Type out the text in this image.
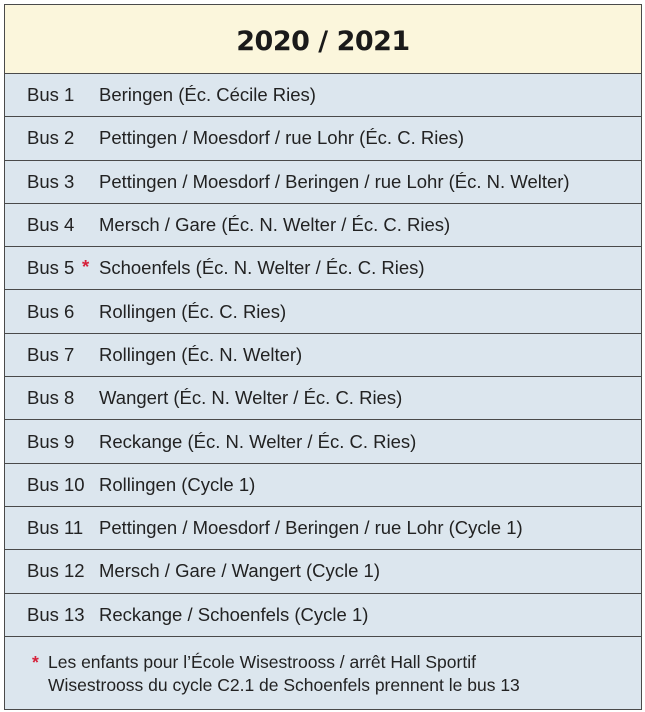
2020 / 2021
Bus 1	Beringen (Éc. Cécile Ries)
Bus 2	Pettingen / Moesdorf / rue Lohr (Éc. C. Ries)
Bus 3	Pettingen / Moesdorf / Beringen / rue Lohr (Éc. N. Welter)
Bus 4	Mersch / Gare (Éc. N. Welter / Éc. C. Ries)
Bus 5 * Schoenfels (Éc. N. Welter / Éc. C. Ries)
Bus 6	Rollingen (Éc. C. Ries)
Bus 7	Rollingen (Éc. N. Welter)
Bus 8	Wangert (Éc. N. Welter / Éc. C. Ries)
Bus 9	Reckange (Éc. N. Welter / Éc. C. Ries)
Bus 10 Rollingen (Cycle 1)
Bus 11 Pettingen / Moesdorf / Beringen / rue Lohr (Cycle 1)
Bus 12 Mersch / Gare / Wangert (Cycle 1)
Bus 13 Reckange / Schoenfels (Cycle 1)
* Les enfants pour l’École Wisestrooss / arrêt Hall Sportif
Wisestrooss du cycle C2.1 de Schoenfels prennent le bus 13
